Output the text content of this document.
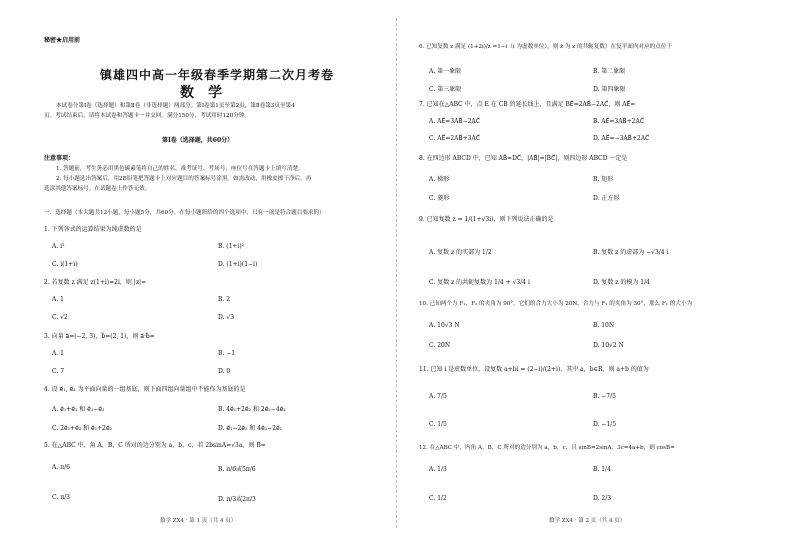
秘密★启用前
镇雄四中高一年级春季学期第二次月考卷
数学
本试卷分第Ⅰ卷（选择题）和第Ⅱ卷（非选择题）两部分。第Ⅰ卷第1页至第2页，第Ⅱ卷第3页至第4
页。考试结束后，请将本试卷和答题卡一并交回。满分150分，考试用时120分钟。
第Ⅰ卷（选择题，共60分）
注意事项：
1. 答题前，考生务必用黑色碳素笔将自己的姓名、准考证号、考场号、座位号在答题卡上填写清楚。
2. 每小题选出答案后，用2B铅笔把答题卡上对应题目的答案标号涂黑。如需改动，用橡皮擦干净后，再
选涂其他答案标号。在试题卷上作答无效。
一、选择题（本大题共12小题，每小题5分，共60分。在每小题所给的四个选项中，只有一项是符合题目要求的）
1. 下列各式的运算结果为纯虚数的是
A. i²	B. (1+i)²
C. i(1+i)	D. (1+i)(1−i)
2. 若复数 z 满足 z(1+i)=2i，则 |z|=
A. 1	B. 2
C. √2	D. √3
3. 向量 a⃗=(−2, 3)，b⃗=(2, 1)，则 a⃗·b⃗=
A. 1	B. −1
C. 7	D. 0
4. 设 e⃗₁, e⃗₂ 为平面向量的一组基底，则下面四组向量组中不能作为基底的是
A. e⃗₁+e⃗₂ 和 e⃗₁−e⃗₂	B. 4e⃗₁+2e⃗₂ 和 2e⃗₂−4e⃗₁
C. 2e⃗₁+e⃗₂ 和 e⃗₁+2e⃗₂	D. e⃗₁−2e⃗₂ 和 4e⃗₂−2e⃗₁
5. 在△ABC 中，角 A，B，C 所对的边分别为 a，b，c，若 2bsinA=√3a，则 B=
A. π/6	B. π/6或5π/6
C. π/3	D. π/3或2π/3
数学 ZX4 · 第 1 页（共 4 页）
6. 已知复数 z 满足 (1+2i)/z =1−i（i 为虚数单位），则 z̄ 为 z 的共轭复数）在复平面内对应的点位于
A. 第一象限	B. 第二象限
C. 第三象限	D. 第四象限
7. 已知在△ABC 中，点 E 在 CB 的延长线上，且满足 BE⃗=2AB⃗−2AC⃗，则 AE⃗=
A. AE⃗=3AB⃗−2AC⃗	B. AE⃗=3AB⃗+2AC⃗
C. AE⃗=2AB⃗+3AC⃗	D. AE⃗=−3AB⃗+2AC⃗
8. 在四边形 ABCD 中，已知 AB⃗=DC⃗，|AB⃗|=|BC⃗|，则四边形 ABCD 一定是
A. 梯形	B. 矩形
C. 菱形	D. 正方形
9. 已知复数 z = 1/(1+√3i)，则下列说法正确的是
A. 复数 z 的实部为 1/2	B. 复数 z 的虚部为 −√3/4 i
C. 复数 z 的共轭复数为 1/4 + √3/4 i	D. 复数 z 的模为 1/4
10. 已知两个力 F₁，F₂ 的夹角为 90°，它们的合力大小为 20N，合力与 F₁ 的夹角为 30°，那么 F₁ 的大小为
A. 10√3 N	B. 10N
C. 20N	D. 10√2 N
11. 已知 i 是虚数单位，设复数 a+bi = (2−i)/(2+i)，其中 a，b∈R，则 a+b 的值为
A. 7/5	B. −7/5
C. 1/5	D. −1/5
12. 在△ABC 中，内角 A，B，C 所对的边分别为 a，b，c，且 sinB=2sinA，3c=4a+b，则 cosB=
A. 1/3	B. 1/4
C. 1/2	D. 2/3
数学 ZX4 · 第 2 页（共 4 页）
